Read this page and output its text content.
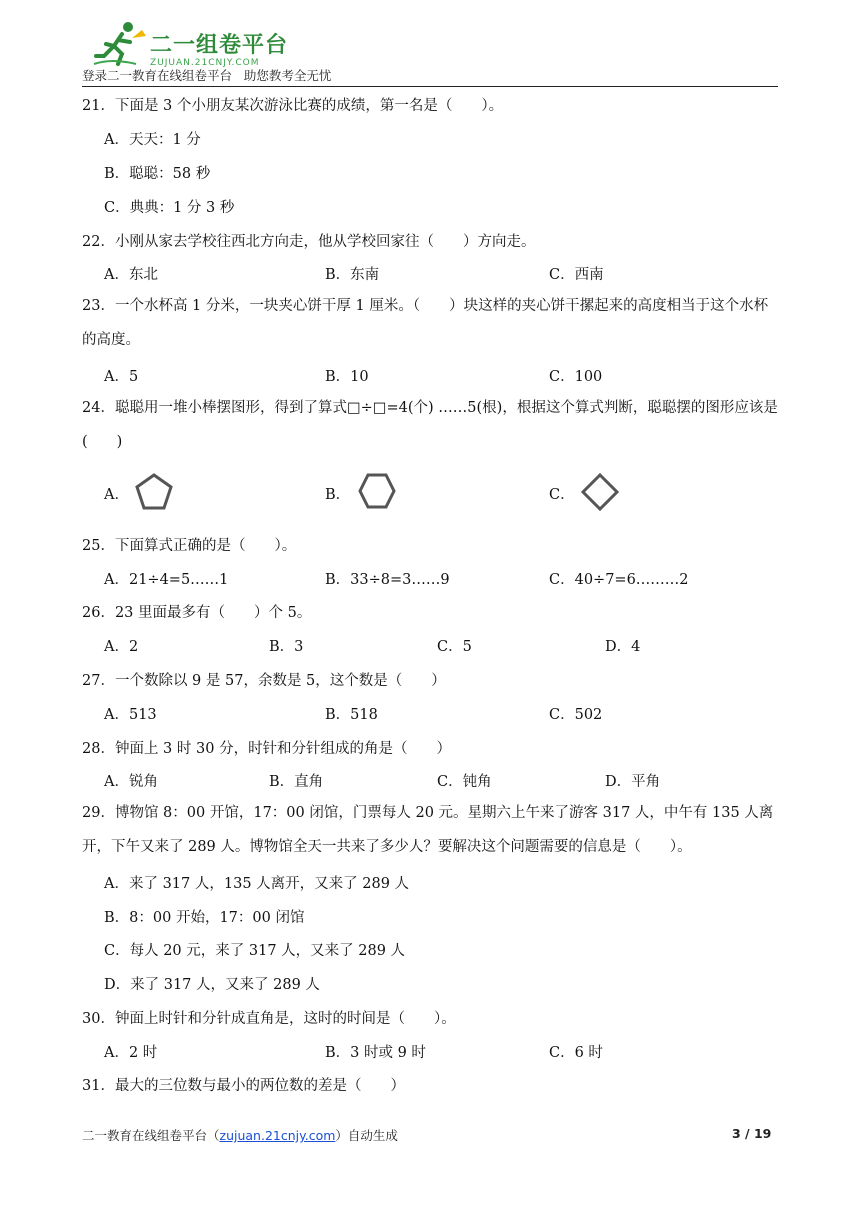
二一组卷平台
ZUJUAN.21CNJY.COM
登录二一教育在线组卷平台   助您教考全无忧
21．下面是 3 个小朋友某次游泳比赛的成绩，第一名是（　　）。
A．天天：1 分
B．聪聪：58 秒
C．典典：1 分 3 秒
22．小刚从家去学校往西北方向走，他从学校回家往（　　）方向走。
A．东北	B．东南	C．西南
23．一个水杯高 1 分米，一块夹心饼干厚 1 厘米。（　　）块这样的夹心饼干摞起来的高度相当于这个水杯的高度。
A．5	B．10	C．100
24．聪聪用一堆小棒摆图形，得到了算式□÷□=4(个) ……5(根)，根据这个算式判断，聪聪摆的图形应该是(　　)
A．	B．	C．
25．下面算式正确的是（　　）。
A．21÷4=5……1	B．33÷8=3……9	C．40÷7=6………2
26．23 里面最多有（　　）个 5。
A．2	B．3	C．5	D．4
27．一个数除以 9 是 57，余数是 5，这个数是（　　）
A．513	B．518	C．502
28．钟面上 3 时 30 分，时针和分针组成的角是（　　）
A．锐角	B．直角	C．钝角	D．平角
29．博物馆 8：00 开馆，17：00 闭馆，门票每人 20 元。星期六上午来了游客 317 人，中午有 135 人离开，下午又来了 289 人。博物馆全天一共来了多少人？要解决这个问题需要的信息是（　　）。
A．来了 317 人，135 人离开，又来了 289 人
B．8：00 开始，17：00 闭馆
C．每人 20 元，来了 317 人，又来了 289 人
D．来了 317 人，又来了 289 人
30．钟面上时针和分针成直角是，这时的时间是（　　）。
A．2 时	B．3 时或 9 时	C．6 时
31．最大的三位数与最小的两位数的差是（　　）
二一教育在线组卷平台（zujuan.21cnjy.com）自动生成	3 / 19
